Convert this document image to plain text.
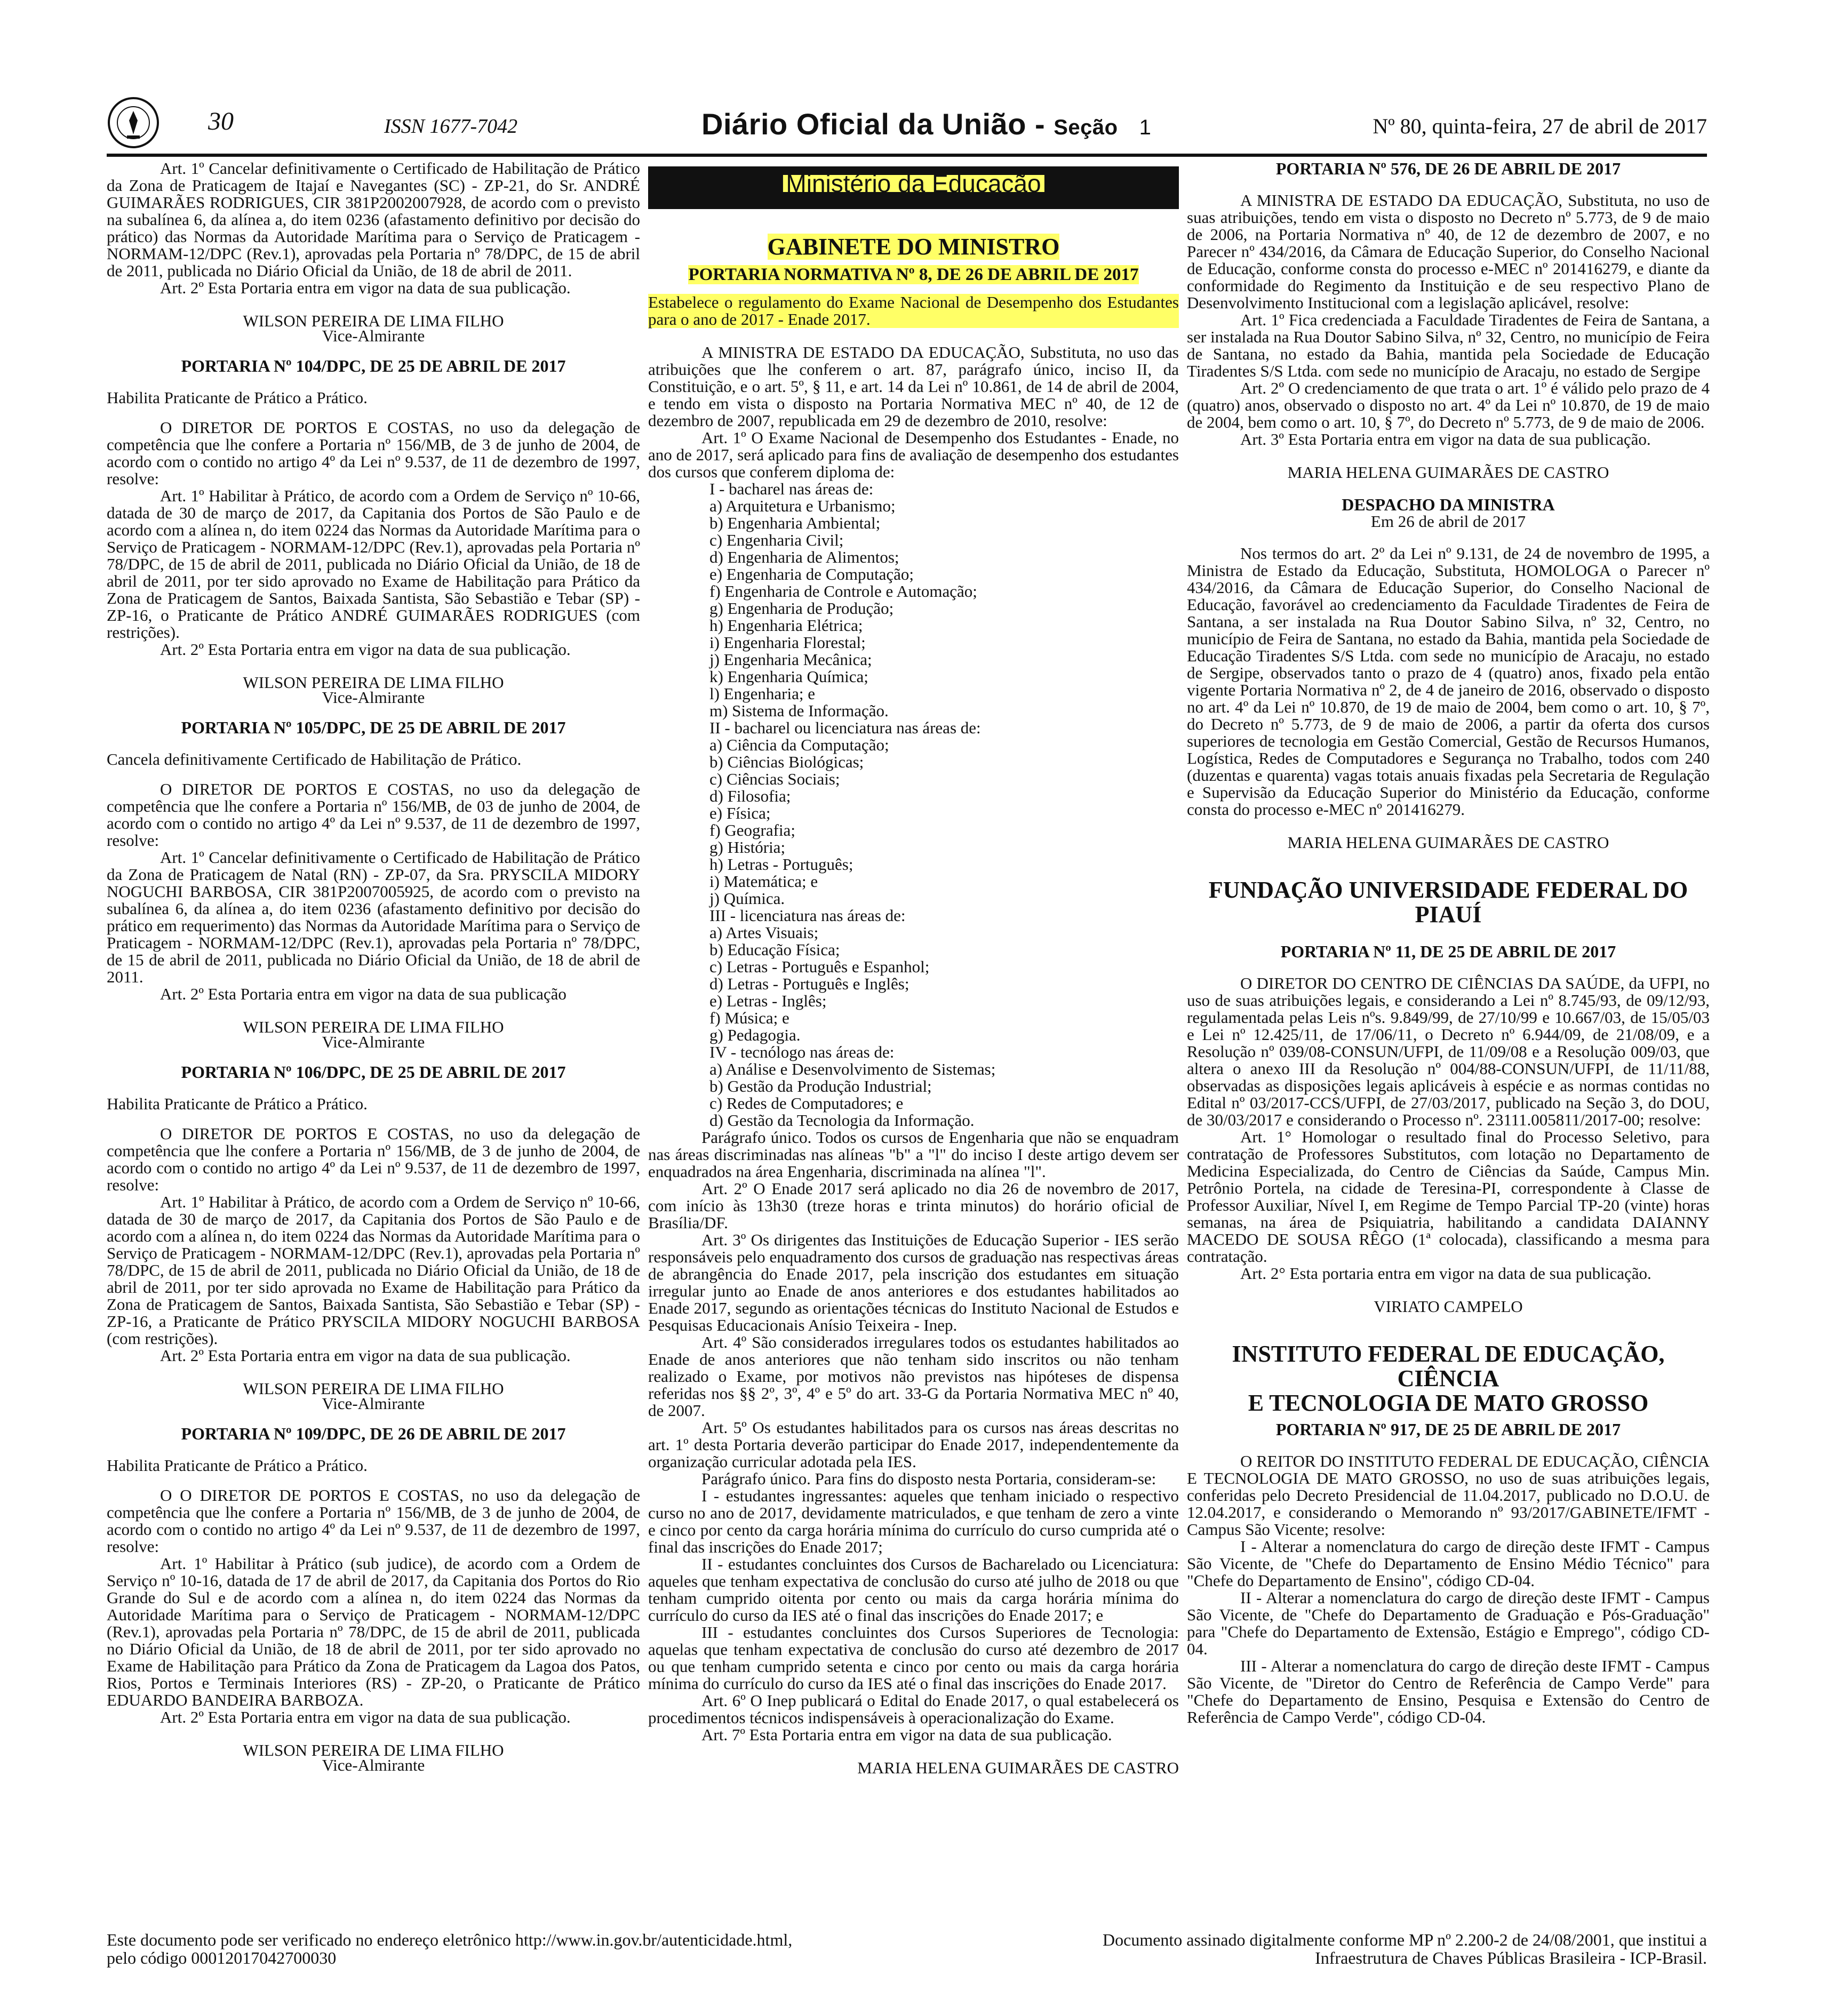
30	ISSN 1677-7042	Diário Oficial da União - Seção 1	Nº 80, quinta-feira, 27 de abril de 2017

Art. 1º Cancelar definitivamente o Certificado de Habilitação de Prático da Zona de Praticagem de Itajaí e Navegantes (SC) - ZP-21, do Sr. ANDRÉ GUIMARÃES RODRIGUES, CIR 381P2002007928, de acordo com o previsto na subalínea 6, da alínea a, do item 0236 (afastamento definitivo por decisão do prático) das Normas da Autoridade Marítima para o Serviço de Praticagem - NORMAM-12/DPC (Rev.1), aprovadas pela Portaria nº 78/DPC, de 15 de abril de 2011, publicada no Diário Oficial da União, de 18 de abril de 2011.

Art. 2º Esta Portaria entra em vigor na data de sua publicação.

WILSON PEREIRA DE LIMA FILHO

Vice-Almirante

PORTARIA Nº 104/DPC, DE 25 DE ABRIL DE 2017

Habilita Praticante de Prático a Prático.

O DIRETOR DE PORTOS E COSTAS, no uso da delegação de competência que lhe confere a Portaria nº 156/MB, de 3 de junho de 2004, de acordo com o contido no artigo 4º da Lei nº 9.537, de 11 de dezembro de 1997, resolve:

Art. 1º Habilitar à Prático, de acordo com a Ordem de Serviço nº 10-66, datada de 30 de março de 2017, da Capitania dos Portos de São Paulo e de acordo com a alínea n, do item 0224 das Normas da Autoridade Marítima para o Serviço de Praticagem - NORMAM-12/DPC (Rev.1), aprovadas pela Portaria nº 78/DPC, de 15 de abril de 2011, publicada no Diário Oficial da União, de 18 de abril de 2011, por ter sido aprovado no Exame de Habilitação para Prático da Zona de Praticagem de Santos, Baixada Santista, São Sebastião e Tebar (SP) - ZP-16, o Praticante de Prático ANDRÉ GUIMARÃES RODRIGUES (com restrições).

Art. 2º Esta Portaria entra em vigor na data de sua publicação.

WILSON PEREIRA DE LIMA FILHO

Vice-Almirante

PORTARIA Nº 105/DPC, DE 25 DE ABRIL DE 2017

Cancela definitivamente Certificado de Habilitação de Prático.

O DIRETOR DE PORTOS E COSTAS, no uso da delegação de competência que lhe confere a Portaria nº 156/MB, de 03 de junho de 2004, de acordo com o contido no artigo 4º da Lei nº 9.537, de 11 de dezembro de 1997, resolve:

Art. 1º Cancelar definitivamente o Certificado de Habilitação de Prático da Zona de Praticagem de Natal (RN) - ZP-07, da Sra. PRYSCILA MIDORY NOGUCHI BARBOSA, CIR 381P2007005925, de acordo com o previsto na subalínea 6, da alínea a, do item 0236 (afastamento definitivo por decisão do prático em requerimento) das Normas da Autoridade Marítima para o Serviço de Praticagem - NORMAM-12/DPC (Rev.1), aprovadas pela Portaria nº 78/DPC, de 15 de abril de 2011, publicada no Diário Oficial da União, de 18 de abril de 2011.

Art. 2º Esta Portaria entra em vigor na data de sua publicação

WILSON PEREIRA DE LIMA FILHO

Vice-Almirante

PORTARIA Nº 106/DPC, DE 25 DE ABRIL DE 2017

Habilita Praticante de Prático a Prático.

O DIRETOR DE PORTOS E COSTAS, no uso da delegação de competência que lhe confere a Portaria nº 156/MB, de 3 de junho de 2004, de acordo com o contido no artigo 4º da Lei nº 9.537, de 11 de dezembro de 1997, resolve:

Art. 1º Habilitar à Prático, de acordo com a Ordem de Serviço nº 10-66, datada de 30 de março de 2017, da Capitania dos Portos de São Paulo e de acordo com a alínea n, do item 0224 das Normas da Autoridade Marítima para o Serviço de Praticagem - NORMAM-12/DPC (Rev.1), aprovadas pela Portaria nº 78/DPC, de 15 de abril de 2011, publicada no Diário Oficial da União, de 18 de abril de 2011, por ter sido aprovada no Exame de Habilitação para Prático da Zona de Praticagem de Santos, Baixada Santista, São Sebastião e Tebar (SP) - ZP-16, a Praticante de Prático PRYSCILA MIDORY NOGUCHI BARBOSA (com restrições).

Art. 2º Esta Portaria entra em vigor na data de sua publicação.

WILSON PEREIRA DE LIMA FILHO

Vice-Almirante

PORTARIA Nº 109/DPC, DE 26 DE ABRIL DE 2017

Habilita Praticante de Prático a Prático.

O O DIRETOR DE PORTOS E COSTAS, no uso da delegação de competência que lhe confere a Portaria nº 156/MB, de 3 de junho de 2004, de acordo com o contido no artigo 4º da Lei nº 9.537, de 11 de dezembro de 1997, resolve:

Art. 1º Habilitar à Prático (sub judice), de acordo com a Ordem de Serviço nº 10-16, datada de 17 de abril de 2017, da Capitania dos Portos do Rio Grande do Sul e de acordo com a alínea n, do item 0224 das Normas da Autoridade Marítima para o Serviço de Praticagem - NORMAM-12/DPC (Rev.1), aprovadas pela Portaria nº 78/DPC, de 15 de abril de 2011, publicada no Diário Oficial da União, de 18 de abril de 2011, por ter sido aprovado no Exame de Habilitação para Prático da Zona de Praticagem da Lagoa dos Patos, Rios, Portos e Terminais Interiores (RS) - ZP-20, o Praticante de Prático EDUARDO BANDEIRA BARBOZA.

Art. 2º Esta Portaria entra em vigor na data de sua publicação.

WILSON PEREIRA DE LIMA FILHO

Vice-Almirante

Ministério da Educação

GABINETE DO MINISTRO

PORTARIA NORMATIVA Nº 8, DE 26 DE ABRIL DE 2017

Estabelece o regulamento do Exame Nacional de Desempenho dos Estudantes para o ano de 2017 - Enade 2017.

A MINISTRA DE ESTADO DA EDUCAÇÃO, Substituta, no uso das atribuições que lhe conferem o art. 87, parágrafo único, inciso II, da Constituição, e o art. 5º, § 11, e art. 14 da Lei nº 10.861, de 14 de abril de 2004, e tendo em vista o disposto na Portaria Normativa MEC nº 40, de 12 de dezembro de 2007, republicada em 29 de dezembro de 2010, resolve:

Art. 1º O Exame Nacional de Desempenho dos Estudantes - Enade, no ano de 2017, será aplicado para fins de avaliação de desempenho dos estudantes dos cursos que conferem diploma de:

I - bacharel nas áreas de:

a) Arquitetura e Urbanismo;

b) Engenharia Ambiental;

c) Engenharia Civil;

d) Engenharia de Alimentos;

e) Engenharia de Computação;

f) Engenharia de Controle e Automação;

g) Engenharia de Produção;

h) Engenharia Elétrica;

i) Engenharia Florestal;

j) Engenharia Mecânica;

k) Engenharia Química;

l) Engenharia; e

m) Sistema de Informação.

II - bacharel ou licenciatura nas áreas de:

a) Ciência da Computação;

b) Ciências Biológicas;

c) Ciências Sociais;

d) Filosofia;

e) Física;

f) Geografia;

g) História;

h) Letras - Português;

i) Matemática; e

j) Química.

III - licenciatura nas áreas de:

a) Artes Visuais;

b) Educação Física;

c) Letras - Português e Espanhol;

d) Letras - Português e Inglês;

e) Letras - Inglês;

f) Música; e

g) Pedagogia.

IV - tecnólogo nas áreas de:

a) Análise e Desenvolvimento de Sistemas;

b) Gestão da Produção Industrial;

c) Redes de Computadores; e

d) Gestão da Tecnologia da Informação.

Parágrafo único. Todos os cursos de Engenharia que não se enquadram nas áreas discriminadas nas alíneas "b" a "l" do inciso I deste artigo devem ser enquadrados na área Engenharia, discriminada na alínea "l".

Art. 2º O Enade 2017 será aplicado no dia 26 de novembro de 2017, com início às 13h30 (treze horas e trinta minutos) do horário oficial de Brasília/DF.

Art. 3º Os dirigentes das Instituições de Educação Superior - IES serão responsáveis pelo enquadramento dos cursos de graduação nas respectivas áreas de abrangência do Enade 2017, pela inscrição dos estudantes em situação irregular junto ao Enade de anos anteriores e dos estudantes habilitados ao Enade 2017, segundo as orientações técnicas do Instituto Nacional de Estudos e Pesquisas Educacionais Anísio Teixeira - Inep.

Art. 4º São considerados irregulares todos os estudantes habilitados ao Enade de anos anteriores que não tenham sido inscritos ou não tenham realizado o Exame, por motivos não previstos nas hipóteses de dispensa referidas nos §§ 2º, 3º, 4º e 5º do art. 33-G da Portaria Normativa MEC nº 40, de 2007.

Art. 5º Os estudantes habilitados para os cursos nas áreas descritas no art. 1º desta Portaria deverão participar do Enade 2017, independentemente da organização curricular adotada pela IES.

Parágrafo único. Para fins do disposto nesta Portaria, consideram-se:

I - estudantes ingressantes: aqueles que tenham iniciado o respectivo curso no ano de 2017, devidamente matriculados, e que tenham de zero a vinte e cinco por cento da carga horária mínima do currículo do curso cumprida até o final das inscrições do Enade 2017;

II - estudantes concluintes dos Cursos de Bacharelado ou Licenciatura: aqueles que tenham expectativa de conclusão do curso até julho de 2018 ou que tenham cumprido oitenta por cento ou mais da carga horária mínima do currículo do curso da IES até o final das inscrições do Enade 2017; e

III - estudantes concluintes dos Cursos Superiores de Tecnologia: aquelas que tenham expectativa de conclusão do curso até dezembro de 2017 ou que tenham cumprido setenta e cinco por cento ou mais da carga horária mínima do currículo do curso da IES até o final das inscrições do Enade 2017.

Art. 6º O Inep publicará o Edital do Enade 2017, o qual estabelecerá os procedimentos técnicos indispensáveis à operacionalização do Exame.

Art. 7º Esta Portaria entra em vigor na data de sua publicação.

MARIA HELENA GUIMARÃES DE CASTRO

PORTARIA Nº 576, DE 26 DE ABRIL DE 2017

A MINISTRA DE ESTADO DA EDUCAÇÃO, Substituta, no uso de suas atribuições, tendo em vista o disposto no Decreto nº 5.773, de 9 de maio de 2006, na Portaria Normativa nº 40, de 12 de dezembro de 2007, e no Parecer nº 434/2016, da Câmara de Educação Superior, do Conselho Nacional de Educação, conforme consta do processo e-MEC nº 201416279, e diante da conformidade do Regimento da Instituição e de seu respectivo Plano de Desenvolvimento Institucional com a legislação aplicável, resolve:

Art. 1º Fica credenciada a Faculdade Tiradentes de Feira de Santana, a ser instalada na Rua Doutor Sabino Silva, nº 32, Centro, no município de Feira de Santana, no estado da Bahia, mantida pela Sociedade de Educação Tiradentes S/S Ltda. com sede no município de Aracaju, no estado de Sergipe

Art. 2º O credenciamento de que trata o art. 1º é válido pelo prazo de 4 (quatro) anos, observado o disposto no art. 4º da Lei nº 10.870, de 19 de maio de 2004, bem como o art. 10, § 7º, do Decreto nº 5.773, de 9 de maio de 2006.

Art. 3º Esta Portaria entra em vigor na data de sua publicação.

MARIA HELENA GUIMARÃES DE CASTRO

DESPACHO DA MINISTRA

Em 26 de abril de 2017

Nos termos do art. 2º da Lei nº 9.131, de 24 de novembro de 1995, a Ministra de Estado da Educação, Substituta, HOMOLOGA o Parecer nº 434/2016, da Câmara de Educação Superior, do Conselho Nacional de Educação, favorável ao credenciamento da Faculdade Tiradentes de Feira de Santana, a ser instalada na Rua Doutor Sabino Silva, nº 32, Centro, no município de Feira de Santana, no estado da Bahia, mantida pela Sociedade de Educação Tiradentes S/S Ltda. com sede no município de Aracaju, no estado de Sergipe, observados tanto o prazo de 4 (quatro) anos, fixado pela então vigente Portaria Normativa nº 2, de 4 de janeiro de 2016, observado o disposto no art. 4º da Lei nº 10.870, de 19 de maio de 2004, bem como o art. 10, § 7º, do Decreto nº 5.773, de 9 de maio de 2006, a partir da oferta dos cursos superiores de tecnologia em Gestão Comercial, Gestão de Recursos Humanos, Logística, Redes de Computadores e Segurança no Trabalho, todos com 240 (duzentas e quarenta) vagas totais anuais fixadas pela Secretaria de Regulação e Supervisão da Educação Superior do Ministério da Educação, conforme consta do processo e-MEC nº 201416279.

MARIA HELENA GUIMARÃES DE CASTRO

FUNDAÇÃO UNIVERSIDADE FEDERAL DO PIAUÍ

PORTARIA Nº 11, DE 25 DE ABRIL DE 2017

O DIRETOR DO CENTRO DE CIÊNCIAS DA SAÚDE, da UFPI, no uso de suas atribuições legais, e considerando a Lei nº 8.745/93, de 09/12/93, regulamentada pelas Leis nºs. 9.849/99, de 27/10/99 e 10.667/03, de 15/05/03 e Lei nº 12.425/11, de 17/06/11, o Decreto nº 6.944/09, de 21/08/09, e a Resolução nº 039/08-CONSUN/UFPI, de 11/09/08 e a Resolução 009/03, que altera o anexo III da Resolução nº 004/88-CONSUN/UFPI, de 11/11/88, observadas as disposições legais aplicáveis à espécie e as normas contidas no Edital nº 03/2017-CCS/UFPI, de 27/03/2017, publicado na Seção 3, do DOU, de 30/03/2017 e considerando o Processo nº. 23111.005811/2017-00; resolve:

Art. 1° Homologar o resultado final do Processo Seletivo, para contratação de Professores Substitutos, com lotação no Departamento de Medicina Especializada, do Centro de Ciências da Saúde, Campus Min. Petrônio Portela, na cidade de Teresina-PI, correspondente à Classe de Professor Auxiliar, Nível I, em Regime de Tempo Parcial TP-20 (vinte) horas semanas, na área de Psiquiatria, habilitando a candidata DAIANNY MACEDO DE SOUSA RÊGO (1ª colocada), classificando a mesma para contratação.

Art. 2° Esta portaria entra em vigor na data de sua publicação.

VIRIATO CAMPELO

INSTITUTO FEDERAL DE EDUCAÇÃO, CIÊNCIA
E TECNOLOGIA DE MATO GROSSO

PORTARIA Nº 917, DE 25 DE ABRIL DE 2017

O REITOR DO INSTITUTO FEDERAL DE EDUCAÇÃO, CIÊNCIA E TECNOLOGIA DE MATO GROSSO, no uso de suas atribuições legais, conferidas pelo Decreto Presidencial de 11.04.2017, publicado no D.O.U. de 12.04.2017, e considerando o Memorando nº 93/2017/GABINETE/IFMT - Campus São Vicente; resolve:

I - Alterar a nomenclatura do cargo de direção deste IFMT - Campus São Vicente, de "Chefe do Departamento de Ensino Médio Técnico" para "Chefe do Departamento de Ensino", código CD-04.

II - Alterar a nomenclatura do cargo de direção deste IFMT - Campus São Vicente, de "Chefe do Departamento de Graduação e Pós-Graduação" para "Chefe do Departamento de Extensão, Estágio e Emprego", código CD-04.

III - Alterar a nomenclatura do cargo de direção deste IFMT - Campus São Vicente, de "Diretor do Centro de Referência de Campo Verde" para "Chefe do Departamento de Ensino, Pesquisa e Extensão do Centro de Referência de Campo Verde", código CD-04.

Este documento pode ser verificado no endereço eletrônico http://www.in.gov.br/autenticidade.html,
pelo código 00012017042700030
Documento assinado digitalmente conforme MP nº 2.200-2 de 24/08/2001, que institui a
Infraestrutura de Chaves Públicas Brasileira - ICP-Brasil.
